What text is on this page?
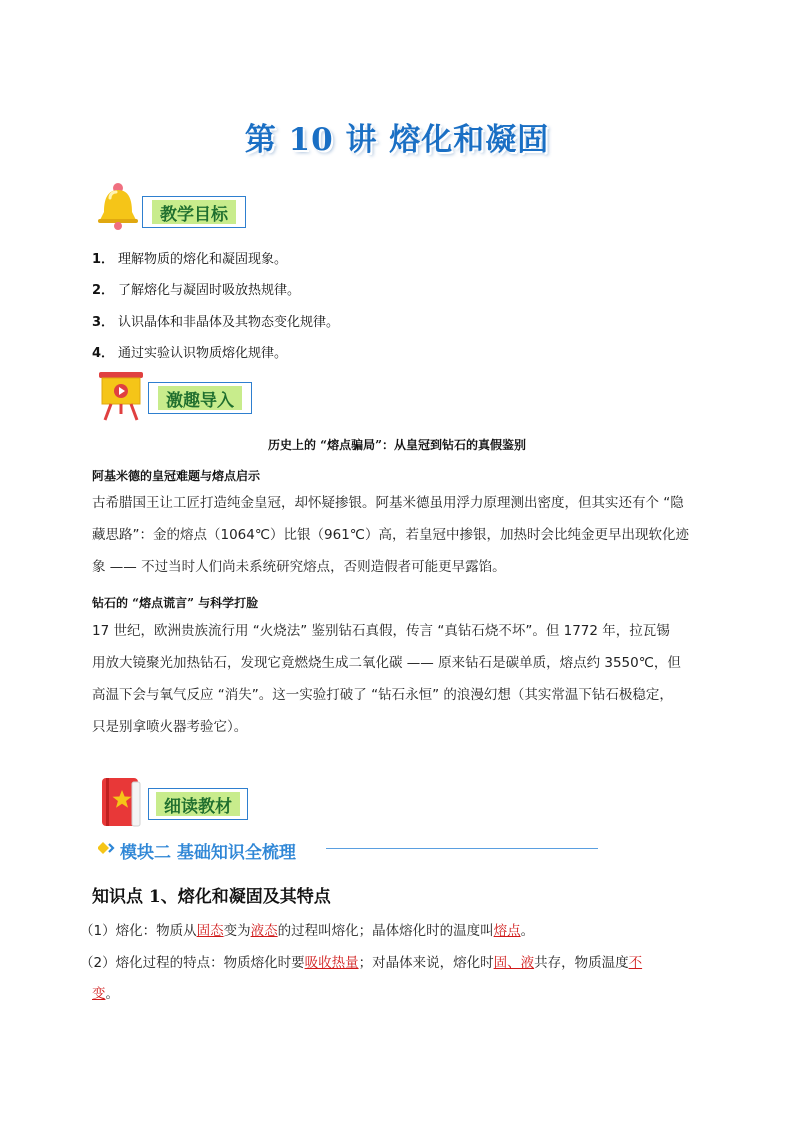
第 10 讲 熔化和凝固
教学目标
1． 理解物质的熔化和凝固现象。
2． 了解熔化与凝固时吸放热规律。
3． 认识晶体和非晶体及其物态变化规律。
4． 通过实验认识物质熔化规律。
激趣导入
历史上的 “熔点骗局”：从皇冠到钻石的真假鉴别
阿基米德的皇冠难题与熔点启示
古希腊国王让工匠打造纯金皇冠，却怀疑掺银。阿基米德虽用浮力原理测出密度，但其实还有个 “隐
藏思路”：金的熔点（1064℃）比银（961℃）高，若皇冠中掺银，加热时会比纯金更早出现软化迹
象 —— 不过当时人们尚未系统研究熔点，否则造假者可能更早露馅。
钻石的 “熔点谎言” 与科学打脸
17 世纪，欧洲贵族流行用 “火烧法” 鉴别钻石真假，传言 “真钻石烧不坏”。但 1772 年，拉瓦锡
用放大镜聚光加热钻石，发现它竟燃烧生成二氧化碳 —— 原来钻石是碳单质，熔点约 3550℃，但
高温下会与氧气反应 “消失”。这一实验打破了 “钻石永恒” 的浪漫幻想（其实常温下钻石极稳定，
只是别拿喷火器考验它）。
细读教材
模块二 基础知识全梳理
知识点 1、熔化和凝固及其特点
（1）熔化：物质从固态变为液态的过程叫熔化；晶体熔化时的温度叫熔点。
（2）熔化过程的特点：物质熔化时要吸收热量；对晶体来说，熔化时固、液共存，物质温度不
变。
